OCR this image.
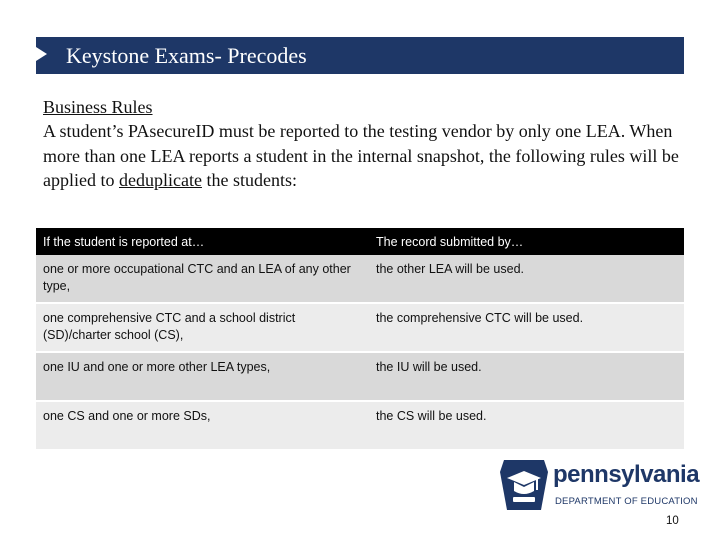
Keystone Exams- Precodes
Business Rules
A student’s PAsecureID must be reported to the testing vendor by only one LEA. When more than one LEA reports a student in the internal snapshot, the following rules will be applied to deduplicate the students:
If the student is reported at…	The record submitted by…
one or more occupational CTC and an LEA of any other type,	the other LEA will be used.
one comprehensive CTC and a school district (SD)/charter school (CS),	the comprehensive CTC will be used.
one IU and one or more other LEA types,	the IU will be used.
one CS and one or more SDs,	the CS will be used.
pennsylvania
DEPARTMENT OF EDUCATION
10
